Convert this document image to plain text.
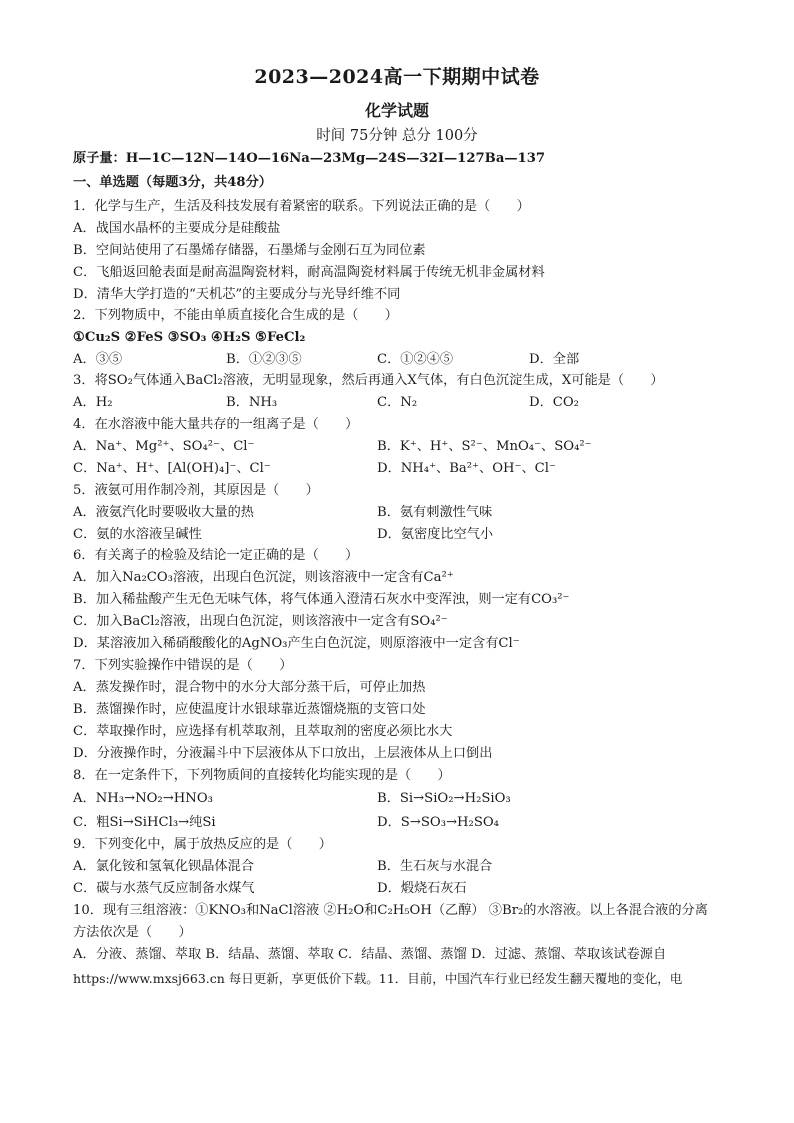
2023—2024高一下期期中试卷
化学试题
时间 75分钟 总分 100分
原子量：H—1C—12N—14O—16Na—23Mg—24S—32I—127Ba—137
一、单选题（每题3分，共48分）
1．化学与生产，生活及科技发展有着紧密的联系。下列说法正确的是（　　）
A．战国水晶杯的主要成分是硅酸盐
B．空间站使用了石墨烯存储器，石墨烯与金刚石互为同位素
C．飞船返回舱表面是耐高温陶瓷材料，耐高温陶瓷材料属于传统无机非金属材料
D．清华大学打造的“天机芯”的主要成分与光导纤维不同
2．下列物质中，不能由单质直接化合生成的是（　　）
①Cu₂S ②FeS ③SO₃ ④H₂S ⑤FeCl₂
A．③⑤	B．①②③⑤	C．①②④⑤	D．全部
3．将SO₂气体通入BaCl₂溶液，无明显现象，然后再通入X气体，有白色沉淀生成，X可能是（　　）
A．H₂	B．NH₃	C．N₂	D．CO₂
4．在水溶液中能大量共存的一组离子是（　　）
A．Na⁺、Mg²⁺、SO₄²⁻、Cl⁻	B．K⁺、H⁺、S²⁻、MnO₄⁻、SO₄²⁻
C．Na⁺、H⁺、[Al(OH)₄]⁻、Cl⁻	D．NH₄⁺、Ba²⁺、OH⁻、Cl⁻
5．液氨可用作制冷剂，其原因是（　　）
A．液氨汽化时要吸收大量的热	B．氨有刺激性气味
C．氨的水溶液呈碱性	D．氨密度比空气小
6．有关离子的检验及结论一定正确的是（　　）
A．加入Na₂CO₃溶液，出现白色沉淀，则该溶液中一定含有Ca²⁺
B．加入稀盐酸产生无色无味气体，将气体通入澄清石灰水中变浑浊，则一定有CO₃²⁻
C．加入BaCl₂溶液，出现白色沉淀，则该溶液中一定含有SO₄²⁻
D．某溶液加入稀硝酸酸化的AgNO₃产生白色沉淀，则原溶液中一定含有Cl⁻
7．下列实验操作中错误的是（　　）
A．蒸发操作时，混合物中的水分大部分蒸干后，可停止加热
B．蒸馏操作时，应使温度计水银球靠近蒸馏烧瓶的支管口处
C．萃取操作时，应选择有机萃取剂，且萃取剂的密度必须比水大
D．分液操作时，分液漏斗中下层液体从下口放出，上层液体从上口倒出
8．在一定条件下，下列物质间的直接转化均能实现的是（　　）
A．NH₃→NO₂→HNO₃	B．Si→SiO₂→H₂SiO₃
C．粗Si→SiHCl₃→纯Si	D．S→SO₃→H₂SO₄
9．下列变化中，属于放热反应的是（　　）
A．氯化铵和氢氧化钡晶体混合	B．生石灰与水混合
C．碳与水蒸气反应制备水煤气	D．煅烧石灰石
10．现有三组溶液：①KNO₃和NaCl溶液 ②H₂O和C₂H₅OH（乙醇） ③Br₂的水溶液。以上各混合液的分离
方法依次是（　　）
A．分液、蒸馏、萃取 B．结晶、蒸馏、萃取 C．结晶、蒸馏、蒸馏 D．过滤、蒸馏、萃取该试卷源自
https://www.mxsj663.cn 每日更新，享更低价下载。11．目前，中国汽车行业已经发生翻天覆地的变化，电
